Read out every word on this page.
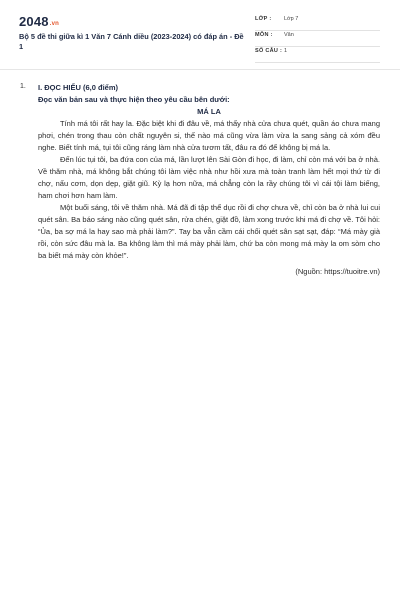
2048.vn
Bộ 5 đề thi giữa kì 1 Văn 7 Cánh diều (2023-2024) có đáp án - Đề 1
LỚP : Lớp 7
MÔN : Văn
SỐ CÂU : 1
1. I. ĐỌC HIỂU (6,0 điểm)
Đọc văn bản sau và thực hiện theo yêu cầu bên dưới:
MÁ LA

Tính má tôi rất hay la. Đặc biệt khi đi đâu về, má thấy nhà cửa chưa quét, quần áo chưa mang phơi, chén trong thau còn chất nguyên si, thế nào má cũng vừa làm vừa la sang sảng cả xóm đều nghe. Biết tính má, tụi tôi cũng ráng làm nhà cửa tươm tất, đâu ra đó để không bị má la.

Đến lúc tụi tôi, ba đứa con của má, lần lượt lên Sài Gòn đi học, đi làm, chỉ còn má với ba ở nhà. Về thăm nhà, má không bắt chúng tôi làm việc nhà như hồi xưa mà toàn tranh làm hết mọi thứ từ đi chợ, nấu cơm, dọn dẹp, giặt giũ. Kỳ lạ hơn nữa, má chẳng còn la rầy chúng tôi vì cái tội làm biếng, ham chơi hơn ham làm.

Một buổi sáng, tôi về thăm nhà. Má đã đi tập thể dục rồi đi chợ chưa về, chỉ còn ba ở nhà lui cui quét sân. Ba báo sáng nào cũng quét sân, rửa chén, giặt đồ, làm xong trước khi má đi chợ về. Tôi hỏi: “Ủa, ba sợ má la hay sao mà phải làm?”. Tay ba vẫn cầm cái chổi quét sân sạt sạt, đáp: “Má mày già rồi, còn sức đâu mà la. Ba không làm thì má mày phải làm, chứ ba còn mong má mày la om sòm cho ba biết má mày còn khỏe!”.

(Nguồn: https://tuoitre.vn)
